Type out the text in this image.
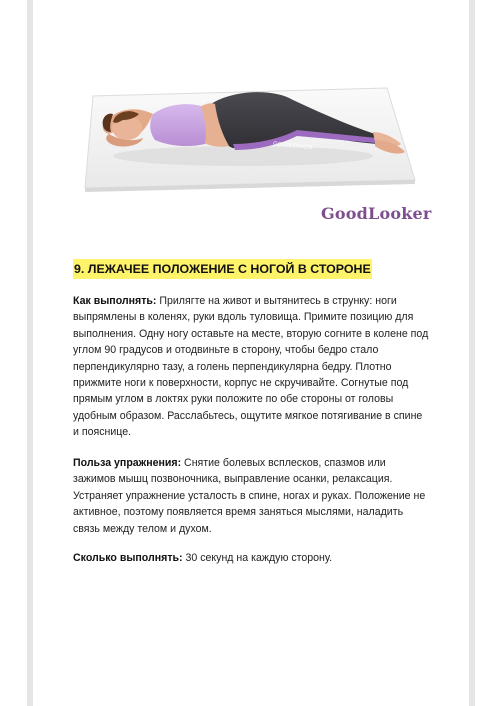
GOODLOOKER
GoodLooker
9. ЛЕЖАЧЕЕ ПОЛОЖЕНИЕ С НОГОЙ В СТОРОНЕ
Как выполнять: Прилягте на живот и вытянитесь в струнку: ноги выпрямлены в коленях, руки вдоль туловища. Примите позицию для выполнения. Одну ногу оставьте на месте, вторую согните в колене под углом 90 градусов и отодвиньте в сторону, чтобы бедро стало перпендикулярно тазу, а голень перпендикулярна бедру. Плотно прижмите ноги к поверхности, корпус не скручивайте. Согнутые под прямым углом в локтях руки положите по обе стороны от головы удобным образом. Расслабьтесь, ощутите мягкое потягивание в спине и пояснице.
Польза упражнения: Снятие болевых всплесков, спазмов или зажимов мышц позвоночника, выправление осанки, релаксация. Устраняет упражнение усталость в спине, ногах и руках. Положение не активное, поэтому появляется время заняться мыслями, наладить связь между телом и духом.
Сколько выполнять: 30 секунд на каждую сторону.
